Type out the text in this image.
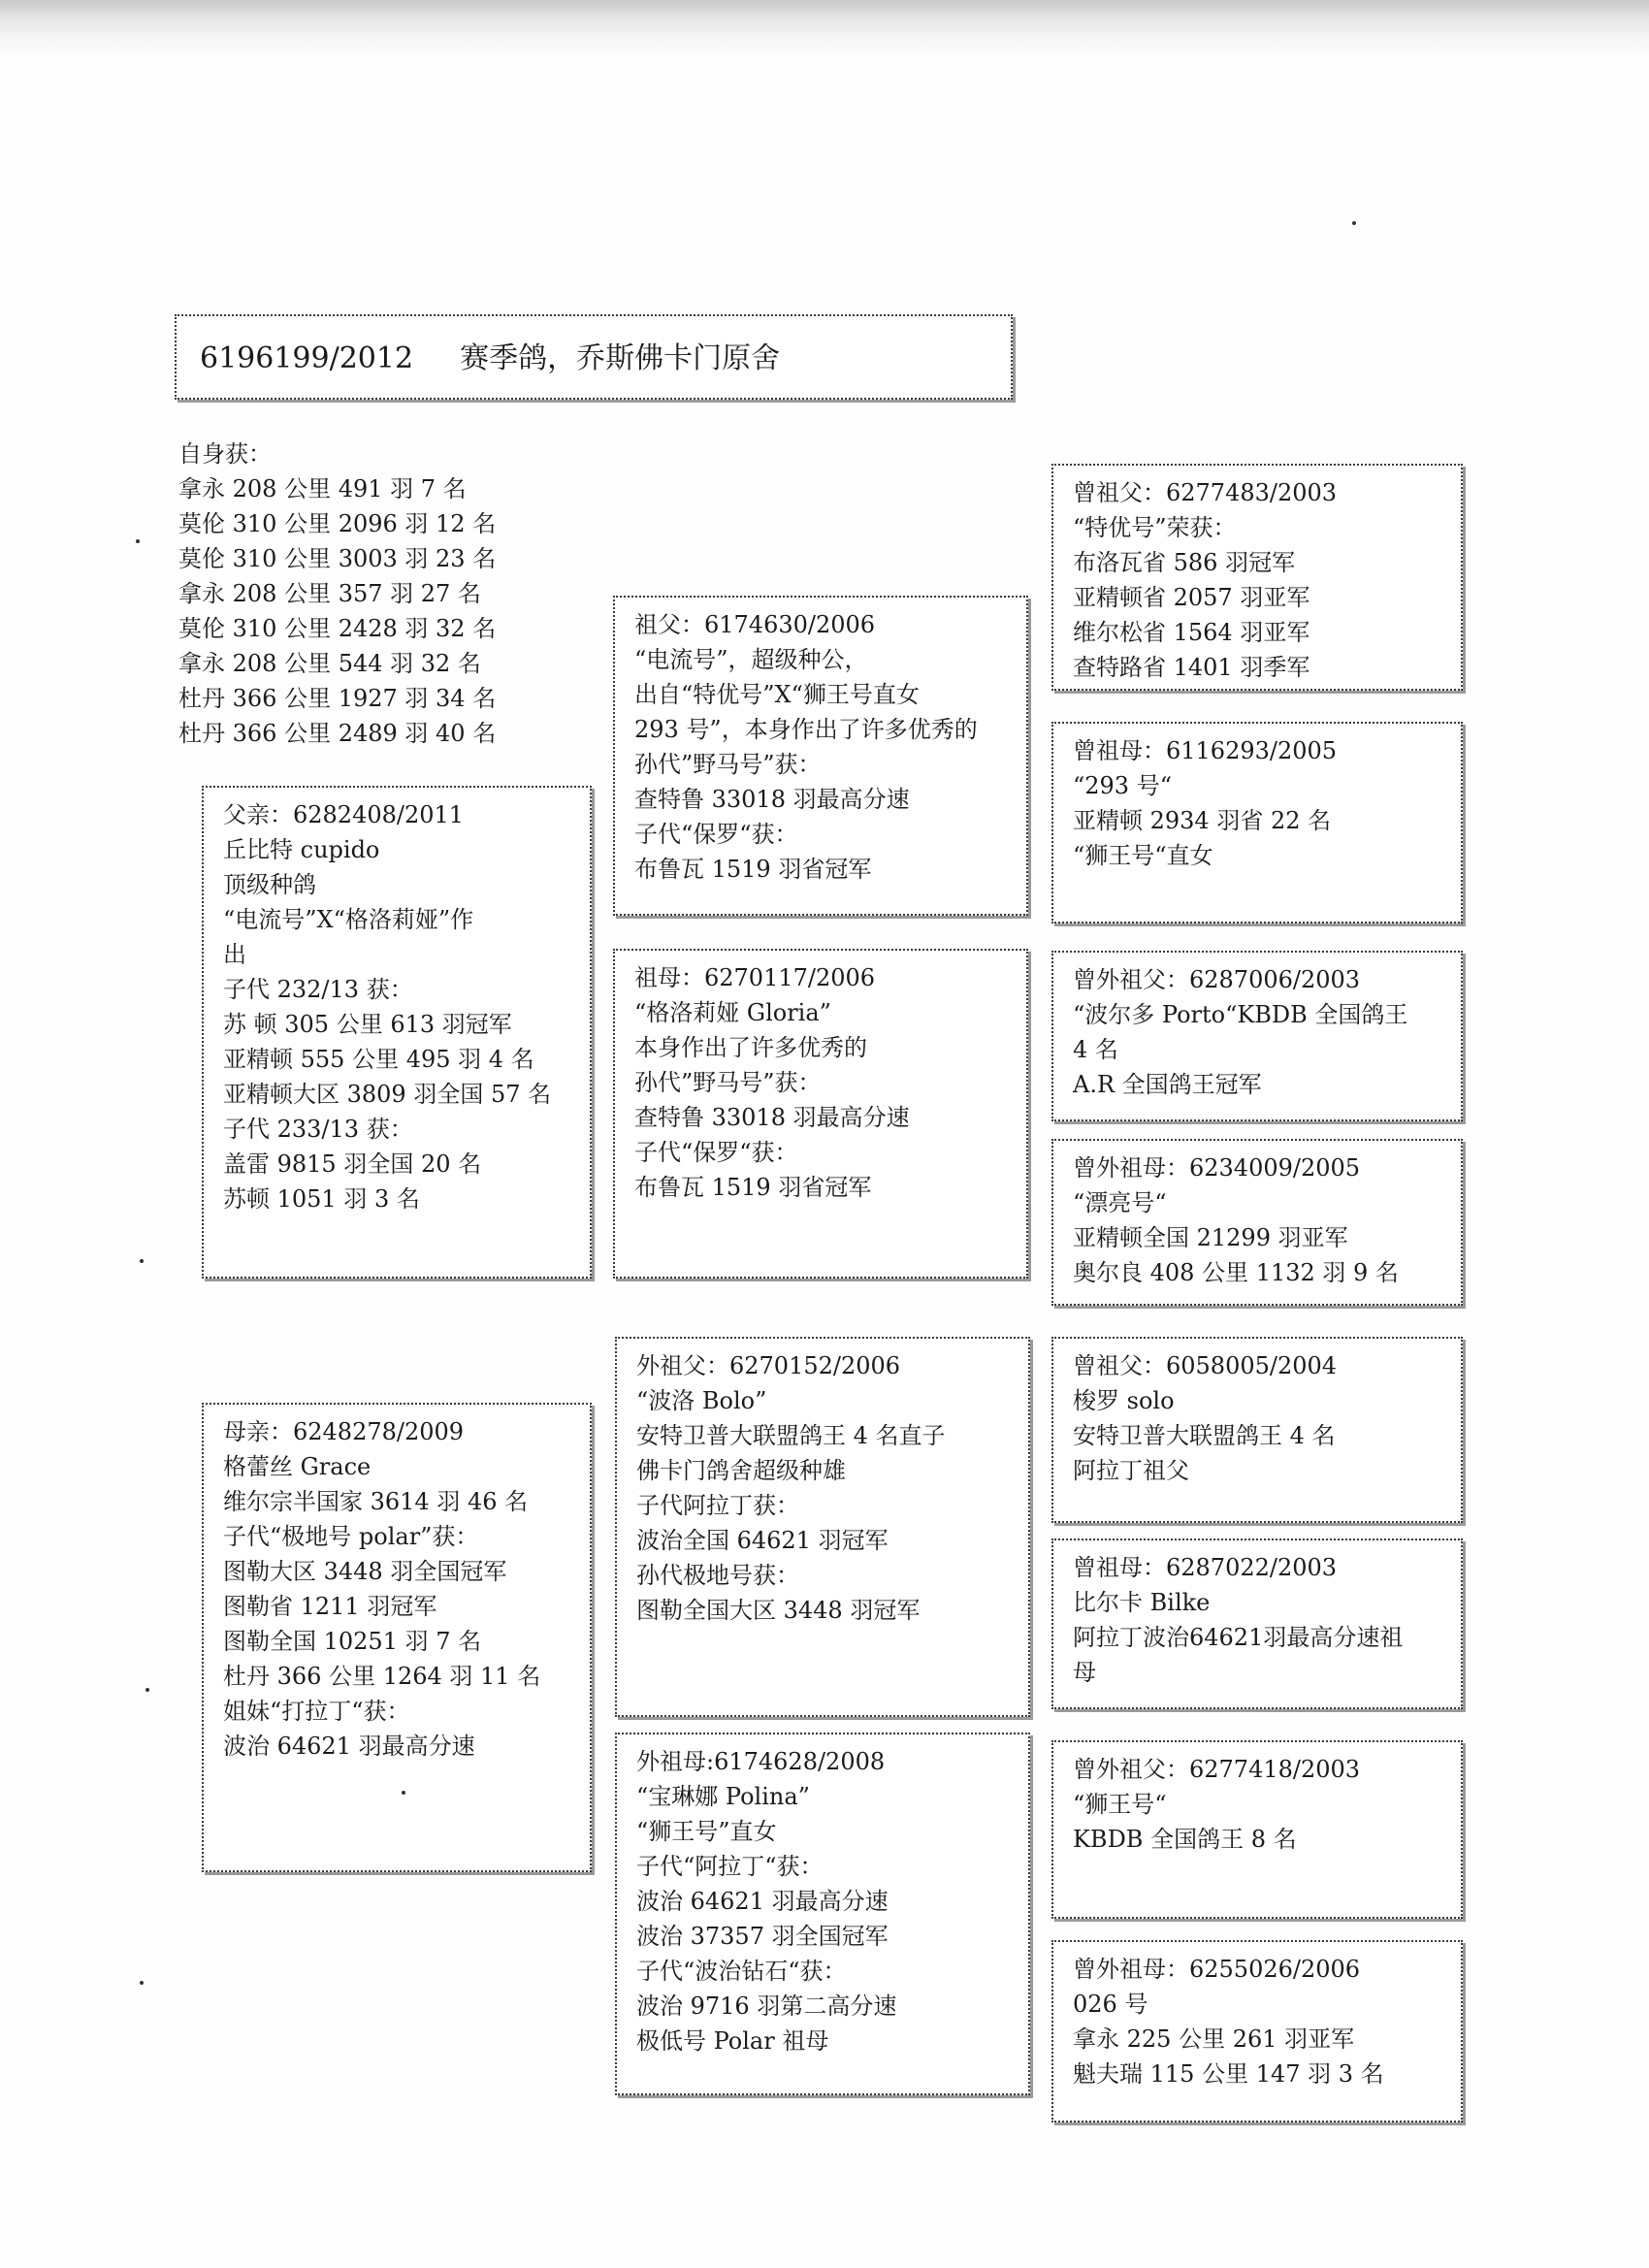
6196199/2012 赛季鸽，乔斯佛卡门原舍
自身获：
拿永 208 公里 491 羽 7 名
莫伦 310 公里 2096 羽 12 名
莫伦 310 公里 3003 羽 23 名
拿永 208 公里 357 羽 27 名
莫伦 310 公里 2428 羽 32 名
拿永 208 公里 544 羽 32 名
杜丹 366 公里 1927 羽 34 名
杜丹 366 公里 2489 羽 40 名
父亲：6282408/2011
丘比特 cupido
顶级种鸽
“电流号”X“格洛莉娅”作
出
子代 232/13 获：
苏 顿 305 公里 613 羽冠军
亚精顿 555 公里 495 羽 4 名
亚精顿大区 3809 羽全国 57 名
子代 233/13 获：
盖雷 9815 羽全国 20 名
苏顿 1051 羽 3 名
母亲：6248278/2009
格蕾丝 Grace
维尔宗半国家 3614 羽 46 名
子代“极地号 polar”获：
图勒大区 3448 羽全国冠军
图勒省 1211 羽冠军
图勒全国 10251 羽 7 名
杜丹 366 公里 1264 羽 11 名
姐妹“打拉丁“获：
波治 64621 羽最高分速
祖父：6174630/2006
“电流号”，超级种公，
出自“特优号”X“狮王号直女
293 号”，本身作出了许多优秀的
孙代”野马号”获：
查特鲁 33018 羽最高分速
子代“保罗“获：
布鲁瓦 1519 羽省冠军
祖母：6270117/2006
“格洛莉娅 Gloria”
本身作出了许多优秀的
孙代”野马号”获：
查特鲁 33018 羽最高分速
子代“保罗“获：
布鲁瓦 1519 羽省冠军
外祖父：6270152/2006
“波洛 Bolo”
安特卫普大联盟鸽王 4 名直子
佛卡门鸽舍超级种雄
子代阿拉丁获：
波治全国 64621 羽冠军
孙代极地号获：
图勒全国大区 3448 羽冠军
外祖母:6174628/2008
“宝琳娜 Polina”
“狮王号”直女
子代“阿拉丁“获：
波治 64621 羽最高分速
波治 37357 羽全国冠军
子代“波治钻石“获：
波治 9716 羽第二高分速
极低号 Polar 祖母
曾祖父：6277483/2003
“特优号”荣获：
布洛瓦省 586 羽冠军
亚精顿省 2057 羽亚军
维尔松省 1564 羽亚军
查特路省 1401 羽季军
曾祖母：6116293/2005
“293 号“
亚精顿 2934 羽省 22 名
“狮王号“直女
曾外祖父：6287006/2003
“波尔多 Porto“KBDB 全国鸽王
4 名
A.R 全国鸽王冠军
曾外祖母：6234009/2005
“漂亮号“
亚精顿全国 21299 羽亚军
奥尔良 408 公里 1132 羽 9 名
曾祖父：6058005/2004
梭罗 solo
安特卫普大联盟鸽王 4 名
阿拉丁祖父
曾祖母：6287022/2003
比尔卡 Bilke
阿拉丁波治64621羽最高分速祖
母
曾外祖父：6277418/2003
“狮王号“
KBDB 全国鸽王 8 名
曾外祖母：6255026/2006
026 号
拿永 225 公里 261 羽亚军
魁夫瑞 115 公里 147 羽 3 名
